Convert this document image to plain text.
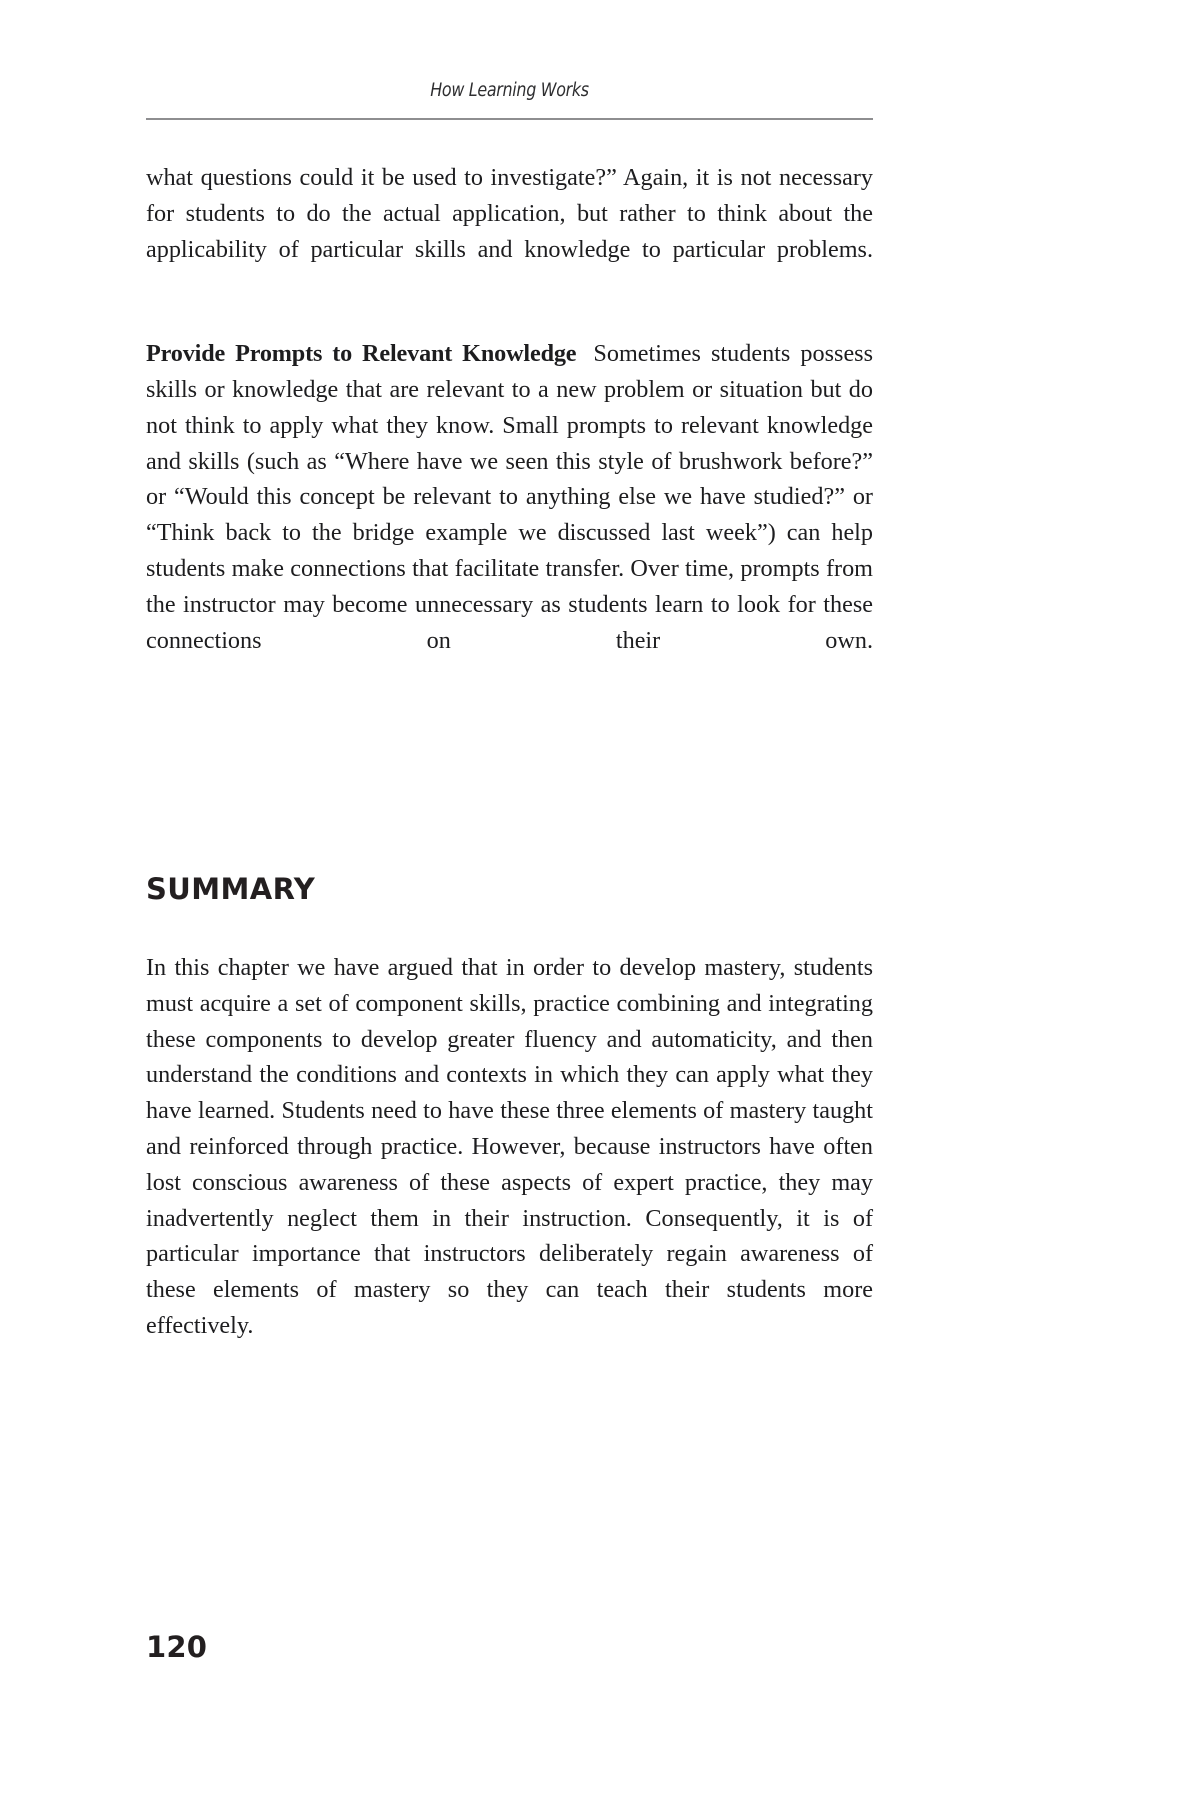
How Learning Works

what questions could it be used to investigate?” Again, it is not necessary for students to do the actual application, but rather to think about the applicability of particular skills and knowledge to particular problems.

Provide Prompts to Relevant Knowledge Sometimes students possess skills or knowledge that are relevant to a new problem or situation but do not think to apply what they know. Small prompts to relevant knowledge and skills (such as “Where have we seen this style of brushwork before?” or “Would this concept be relevant to anything else we have studied?” or “Think back to the bridge example we discussed last week”) can help students make connections that facilitate transfer. Over time, prompts from the instructor may become unnecessary as students learn to look for these connections on their own.

SUMMARY

In this chapter we have argued that in order to develop mastery, students must acquire a set of component skills, practice combining and integrating these components to develop greater fluency and automaticity, and then understand the conditions and contexts in which they can apply what they have learned. Students need to have these three elements of mastery taught and reinforced through practice. However, because instructors have often lost conscious awareness of these aspects of expert practice, they may inadvertently neglect them in their instruction. Consequently, it is of particular importance that instructors deliberately regain awareness of these elements of mastery so they can teach their students more effectively.

120
